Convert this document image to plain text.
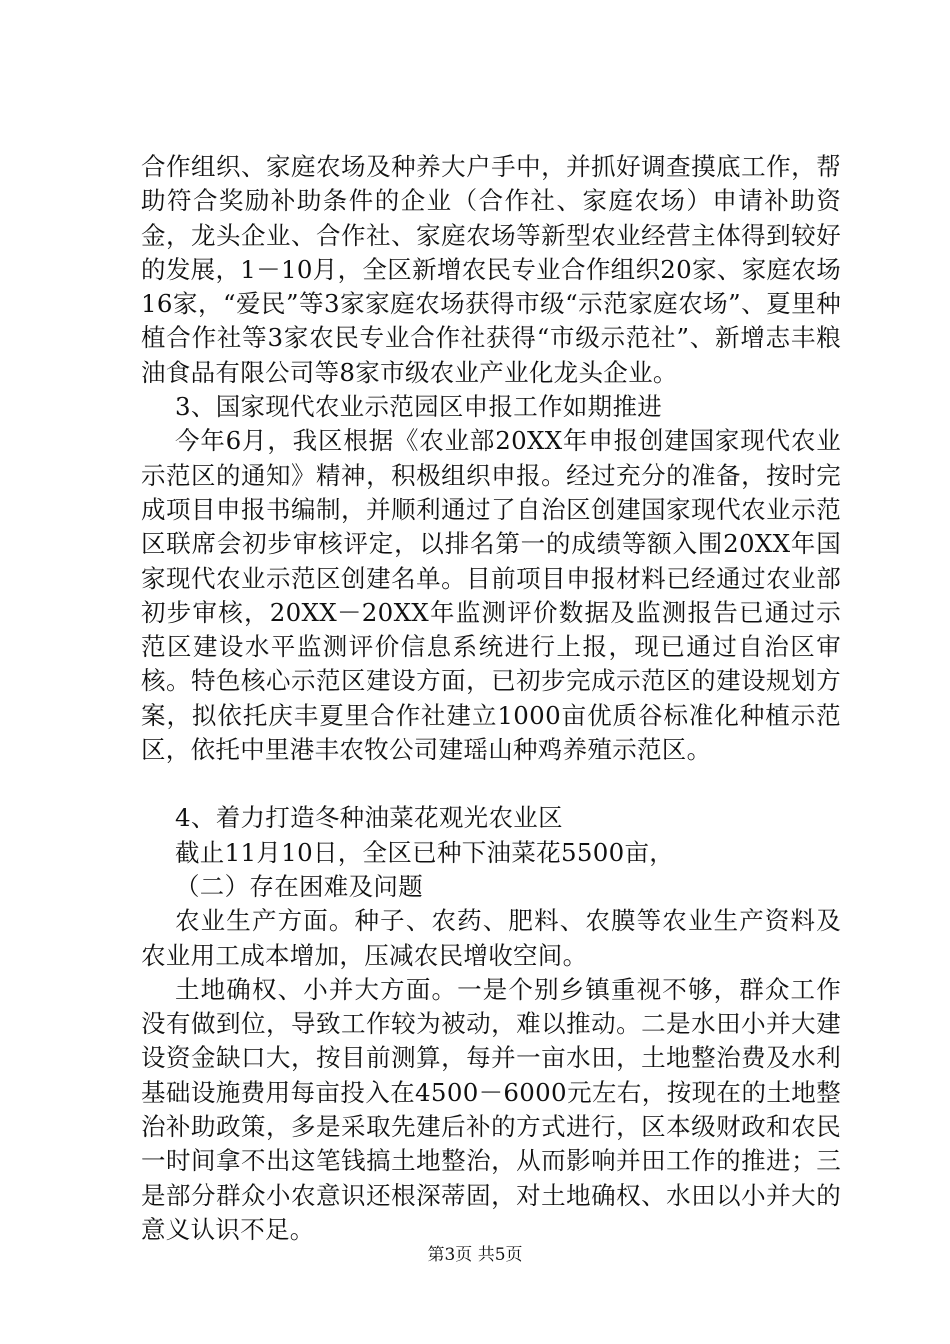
合作组织、家庭农场及种养大户手中，并抓好调查摸底工作，帮助符合奖励补助条件的企业（合作社、家庭农场）申请补助资金，龙头企业、合作社、家庭农场等新型农业经营主体得到较好的发展，1－10月，全区新增农民专业合作组织20家、家庭农场16家，“爱民”等3家家庭农场获得市级“示范家庭农场”、夏里种植合作社等3家农民专业合作社获得“市级示范社”、新增志丰粮油食品有限公司等8家市级农业产业化龙头企业。

3、国家现代农业示范园区申报工作如期推进

今年6月，我区根据《农业部20XX年申报创建国家现代农业示范区的通知》精神，积极组织申报。经过充分的准备，按时完成项目申报书编制，并顺利通过了自治区创建国家现代农业示范区联席会初步审核评定，以排名第一的成绩等额入围20XX年国家现代农业示范区创建名单。目前项目申报材料已经通过农业部初步审核，20XX－20XX年监测评价数据及监测报告已通过示范区建设水平监测评价信息系统进行上报，现已通过自治区审核。特色核心示范区建设方面，已初步完成示范区的建设规划方案，拟依托庆丰夏里合作社建立1000亩优质谷标准化种植示范区，依托中里港丰农牧公司建瑶山种鸡养殖示范区。

4、着力打造冬种油菜花观光农业区

截止11月10日，全区已种下油菜花5500亩，

（二）存在困难及问题

农业生产方面。种子、农药、肥料、农膜等农业生产资料及农业用工成本增加，压减农民增收空间。

土地确权、小并大方面。一是个别乡镇重视不够，群众工作没有做到位，导致工作较为被动，难以推动。二是水田小并大建设资金缺口大，按目前测算，每并一亩水田，土地整治费及水利基础设施费用每亩投入在4500－6000元左右，按现在的土地整治补助政策，多是采取先建后补的方式进行，区本级财政和农民一时间拿不出这笔钱搞土地整治，从而影响并田工作的推进；三是部分群众小农意识还根深蒂固，对土地确权、水田以小并大的意义认识不足。

第3页 共5页
